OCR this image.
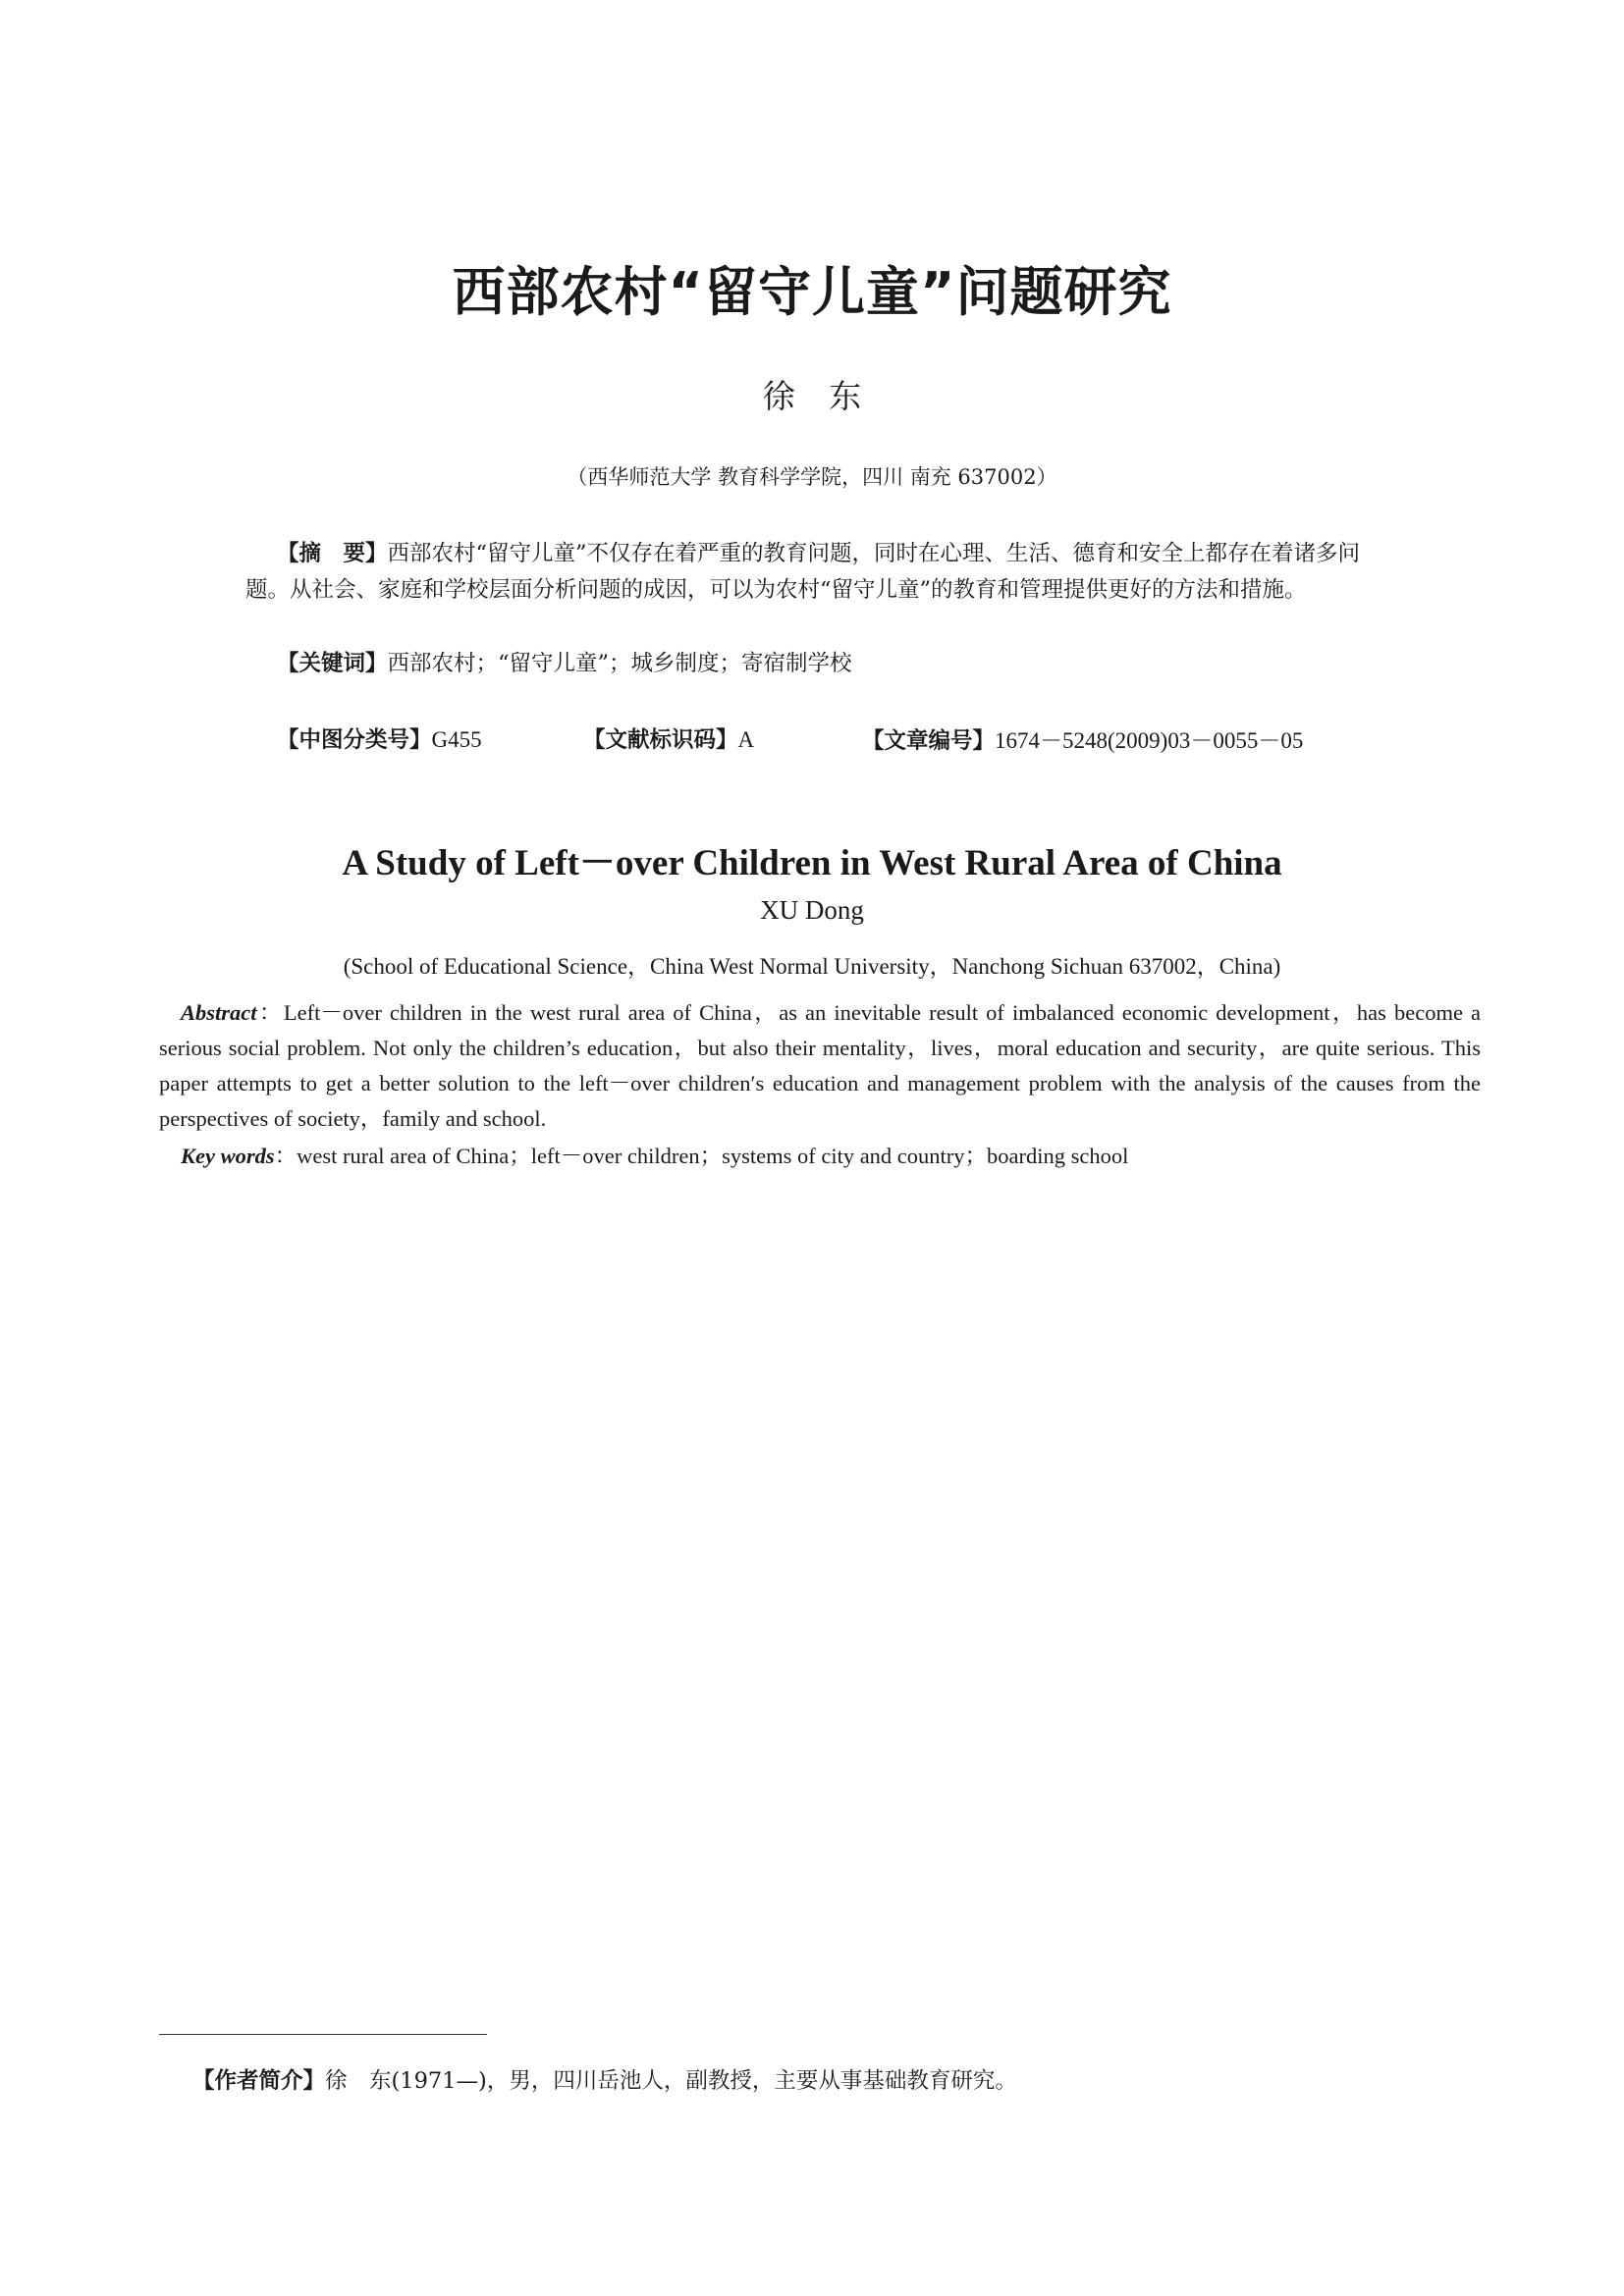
西部农村“留守儿童”问题研究
徐 东
（西华师范大学 教育科学学院，四川 南充 637002）
【摘　要】西部农村“留守儿童”不仅存在着严重的教育问题，同时在心理、生活、德育和安全上都存在着诸多问题。从社会、家庭和学校层面分析问题的成因，可以为农村“留守儿童”的教育和管理提供更好的方法和措施。
【关键词】西部农村；“留守儿童”；城乡制度；寄宿制学校
【中图分类号】G455	【文献标识码】A	【文章编号】1674－5248(2009)03－0055－05
A Study of Left－over Children in West Rural Area of China
XU Dong
(School of Educational Science，China West Normal University，Nanchong Sichuan 637002，China)
Abstract：Left－over children in the west rural area of China，as an inevitable result of imbalanced economic development，has become a serious social problem. Not only the children’s education，but also their mentality，lives，moral education and security，are quite serious. This paper attempts to get a better solution to the left－over children′s education and management problem with the analysis of the causes from the perspectives of society，family and school.
Key words：west rural area of China；left－over children；systems of city and country；boarding school
【作者简介】徐　东(1971—)，男，四川岳池人，副教授，主要从事基础教育研究。
